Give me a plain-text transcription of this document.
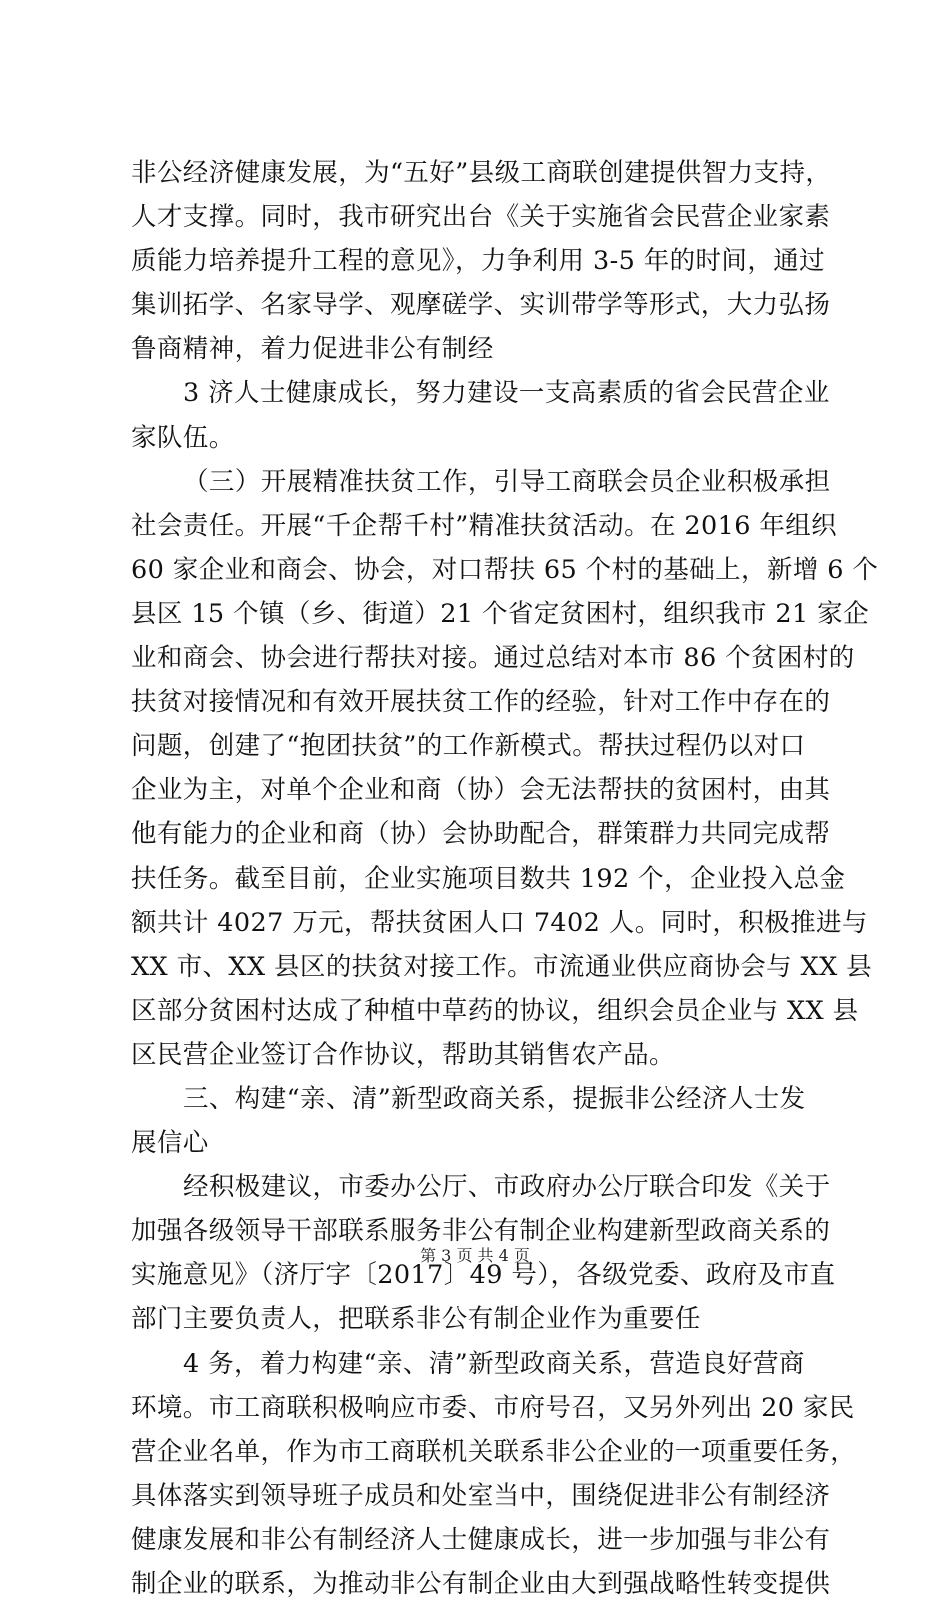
非公经济健康发展，为“五好”县级工商联创建提供智力支持，
人才支撑。同时，我市研究出台《关于实施省会民营企业家素
质能力培养提升工程的意见》，力争利用 3-5 年的时间，通过
集训拓学、名家导学、观摩磋学、实训带学等形式，大力弘扬
鲁商精神，着力促进非公有制经
3 济人士健康成长，努力建设一支高素质的省会民营企业
家队伍。
（三）开展精准扶贫工作，引导工商联会员企业积极承担
社会责任。开展“千企帮千村”精准扶贫活动。在 2016 年组织
60 家企业和商会、协会，对口帮扶 65 个村的基础上，新增 6 个
县区 15 个镇（乡、街道）21 个省定贫困村，组织我市 21 家企
业和商会、协会进行帮扶对接。通过总结对本市 86 个贫困村的
扶贫对接情况和有效开展扶贫工作的经验，针对工作中存在的
问题，创建了“抱团扶贫”的工作新模式。帮扶过程仍以对口
企业为主，对单个企业和商（协）会无法帮扶的贫困村，由其
他有能力的企业和商（协）会协助配合，群策群力共同完成帮
扶任务。截至目前，企业实施项目数共 192 个，企业投入总金
额共计 4027 万元，帮扶贫困人口 7402 人。同时，积极推进与
XX 市、XX 县区的扶贫对接工作。市流通业供应商协会与 XX 县
区部分贫困村达成了种植中草药的协议，组织会员企业与 XX 县
区民营企业签订合作协议，帮助其销售农产品。
三、构建“亲、清”新型政商关系，提振非公经济人士发
展信心
经积极建议，市委办公厅、市政府办公厅联合印发《关于
加强各级领导干部联系服务非公有制企业构建新型政商关系的
实施意见》（济厅字〔2017〕49 号），各级党委、政府及市直
部门主要负责人，把联系非公有制企业作为重要任
4 务，着力构建“亲、清”新型政商关系，营造良好营商
环境。市工商联积极响应市委、市府号召，又另外列出 20 家民
营企业名单，作为市工商联机关联系非公企业的一项重要任务，
具体落实到领导班子成员和处室当中，围绕促进非公有制经济
健康发展和非公有制经济人士健康成长，进一步加强与非公有
制企业的联系，为推动非公有制企业由大到强战略性转变提供
第 3 页 共 4 页
